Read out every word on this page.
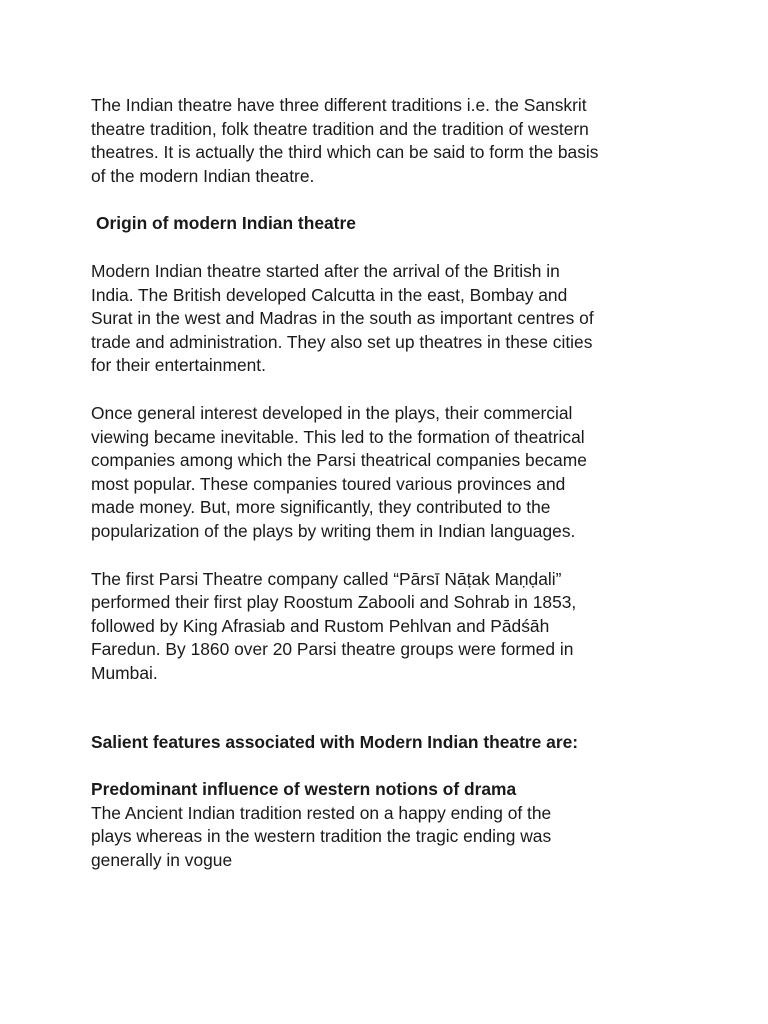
The Indian theatre have three different traditions i.e. the Sanskrit
theatre tradition, folk theatre tradition and the tradition of western
theatres. It is actually the third which can be said to form the basis
of the modern Indian theatre.

Origin of modern Indian theatre

Modern Indian theatre started after the arrival of the British in
India. The British developed Calcutta in the east, Bombay and
Surat in the west and Madras in the south as important centres of
trade and administration. They also set up theatres in these cities
for their entertainment.

Once general interest developed in the plays, their commercial
viewing became inevitable. This led to the formation of theatrical
companies among which the Parsi theatrical companies became
most popular. These companies toured various provinces and
made money. But, more significantly, they contributed to the
popularization of the plays by writing them in Indian languages.

The first Parsi Theatre company called “Pārsī Nāṭak Maṇḍali”
performed their first play Roostum Zabooli and Sohrab in 1853,
followed by King Afrasiab and Rustom Pehlvan and Pādśāh
Faredun. By 1860 over 20 Parsi theatre groups were formed in
Mumbai.

Salient features associated with Modern Indian theatre are:

Predominant influence of western notions of drama

The Ancient Indian tradition rested on a happy ending of the
plays whereas in the western tradition the tragic ending was
generally in vogue
